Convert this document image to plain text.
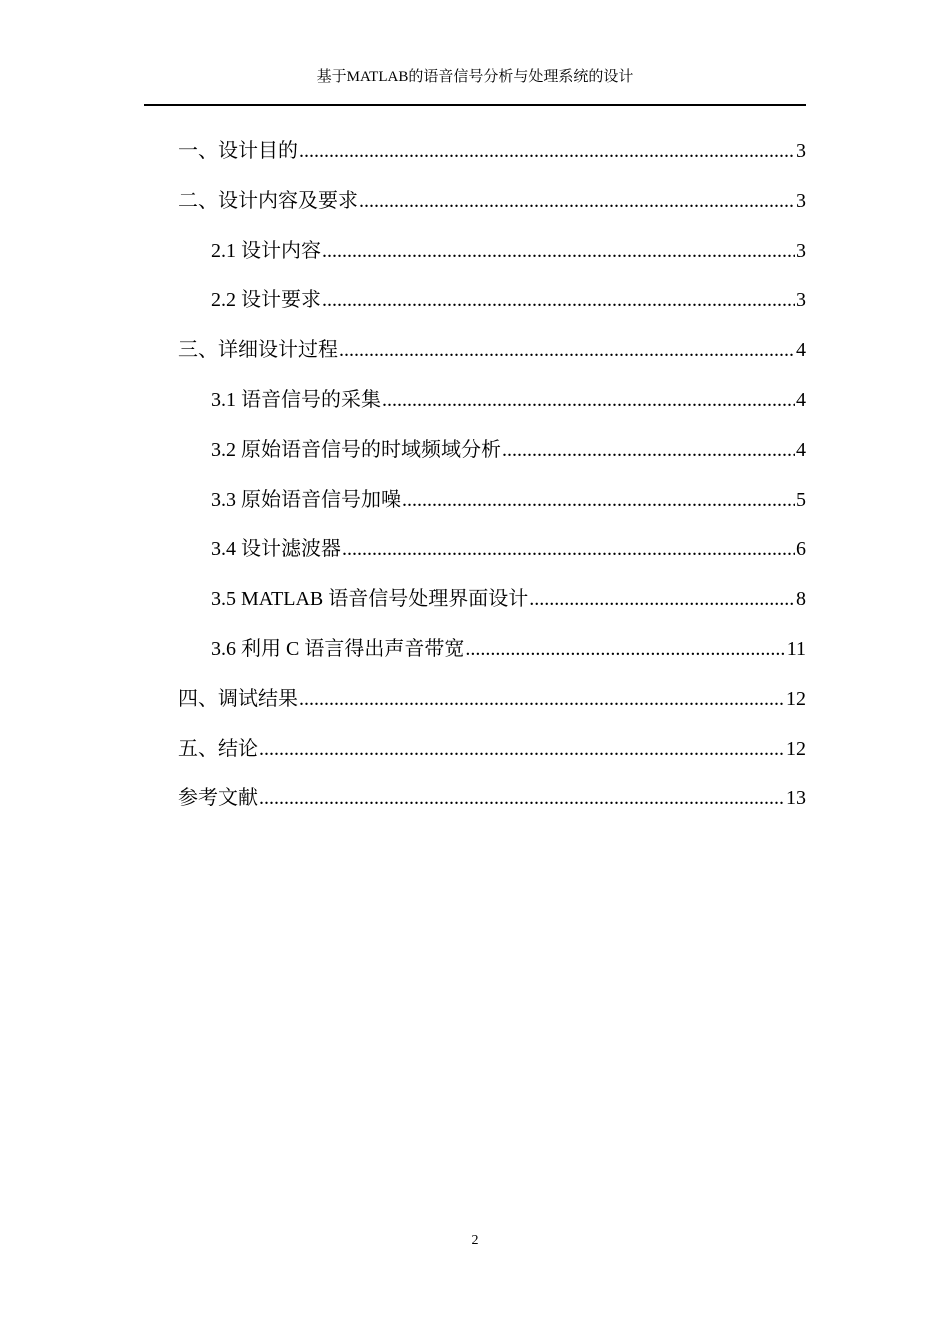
基于MATLAB的语音信号分析与处理系统的设计
一、设计目的 .....	3
二、设计内容及要求 .....	3
2.1 设计内容 .....	3
2.2 设计要求 .....	3
三、详细设计过程 .....	4
3.1 语音信号的采集 .....	4
3.2 原始语音信号的时域频域分析 .....	4
3.3 原始语音信号加噪 .....	5
3.4 设计滤波器 .....	6
3.5 MATLAB 语音信号处理界面设计 .....	8
3.6 利用 C 语言得出声音带宽 .....	11
四、调试结果 .....	12
五、结论 .....	12
参考文献 .....	13
2
